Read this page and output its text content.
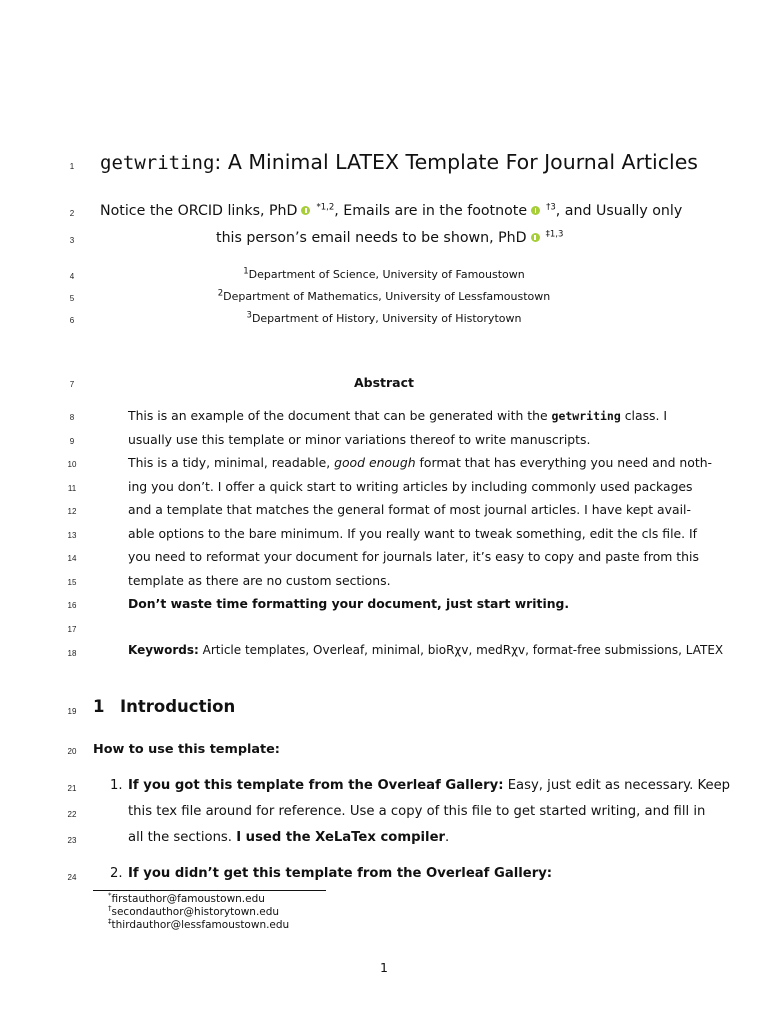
1
2
3
4
5
6
7
8
9
10
11
12
13
14
15
16
17
18
19
20
21
22
23
24
getwriting: A Minimal LATEX Template For Journal Articles
Notice the ORCID links, PhD $^{*1,2}$, Emails are in the footnote $^{\dagger 3}$, and Usually only
this person’s email needs to be shown, PhD $^{\ddagger 1,3}$
$^1$Department of Science, University of Famoustown
$^2$Department of Mathematics, University of Lessfamoustown
$^3$Department of History, University of Historytown
Abstract
This is an example of the document that can be generated with the getwriting class. I
usually use this template or minor variations thereof to write manuscripts.
This is a tidy, minimal, readable, good enough format that has everything you need and noth-
ing you don’t. I offer a quick start to writing articles by including commonly used packages
and a template that matches the general format of most journal articles. I have kept avail-
able options to the bare minimum. If you really want to tweak something, edit the cls file. If
you need to reformat your document for journals later, it’s easy to copy and paste from this
template as there are no custom sections.
Don’t waste time formatting your document, just start writing.
Keywords: Article templates, Overleaf, minimal, bioRχv, medRχv, format-free submissions, LATEX
1 Introduction
How to use this template:
1. If you got this template from the Overleaf Gallery: Easy, just edit as necessary. Keep
this tex file around for reference. Use a copy of this file to get started writing, and fill in
all the sections. I used the XeLaTex compiler.
2. If you didn’t get this template from the Overleaf Gallery:
*firstauthor@famoustown.edu
†secondauthor@historytown.edu
‡thirdauthor@lessfamoustown.edu
1
